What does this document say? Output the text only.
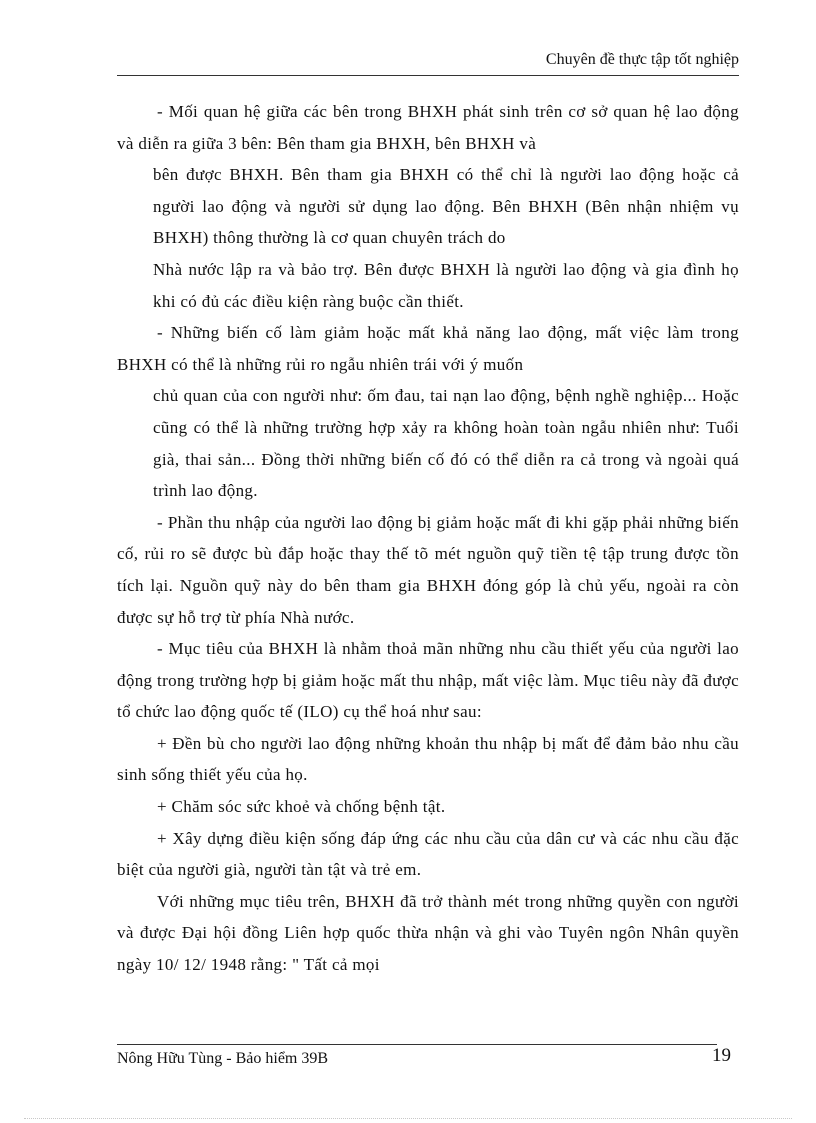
Chuyên đề thực tập tốt nghiệp

- Mối quan hệ giữa các bên trong BHXH phát sinh trên cơ sở quan hệ lao động và diễn ra giữa 3 bên: Bên tham gia BHXH, bên BHXH và

bên được BHXH. Bên tham gia BHXH có thể chỉ là người lao động hoặc cả người lao động và người sử dụng lao động. Bên BHXH (Bên nhận nhiệm vụ BHXH) thông thường là cơ quan chuyên trách do

Nhà nước lập ra và bảo trợ. Bên được BHXH là người lao động và gia đình họ khi có đủ các điều kiện ràng buộc cần thiết.

- Những biến cố làm giảm hoặc mất khả năng lao động, mất việc làm trong BHXH có thể là những rủi ro ngẫu nhiên trái với ý muốn

chủ quan của con người như: ốm đau, tai nạn lao động, bệnh nghề nghiệp... Hoặc cũng có thể là những trường hợp xảy ra không hoàn toàn ngẫu nhiên như: Tuổi già, thai sản... Đồng thời những biến cố đó có thể diễn ra cả trong và ngoài quá trình lao động.

- Phần thu nhập của người lao động bị giảm hoặc mất đi khi gặp phải những biến cố, rủi ro sẽ được bù đắp hoặc thay thế tõ mét nguồn quỹ tiền tệ tập trung được tồn tích lại. Nguồn quỹ này do bên tham gia BHXH đóng góp là chủ yếu, ngoài ra còn được sự hỗ trợ từ phía Nhà nước.

- Mục tiêu của BHXH là nhằm thoả mãn những nhu cầu thiết yếu của người lao động trong trường hợp bị giảm hoặc mất thu nhập, mất việc làm. Mục tiêu này đã được tổ chức lao động quốc tế (ILO) cụ thể hoá như sau:

+ Đền bù cho người lao động những khoản thu nhập bị mất để đảm bảo nhu cầu sinh sống thiết yếu của họ.

+ Chăm sóc sức khoẻ và chống bệnh tật.

+ Xây dựng điều kiện sống đáp ứng các nhu cầu của dân cư và các nhu cầu đặc biệt của người già, người tàn tật và trẻ em.

Với những mục tiêu trên, BHXH đã trở thành mét trong những quyền con người và được Đại hội đồng Liên hợp quốc thừa nhận và ghi vào Tuyên ngôn Nhân quyền ngày 10/ 12/ 1948 rằng: " Tất cả mọi

Nông Hữu Tùng - Bảo hiểm 39B	19
